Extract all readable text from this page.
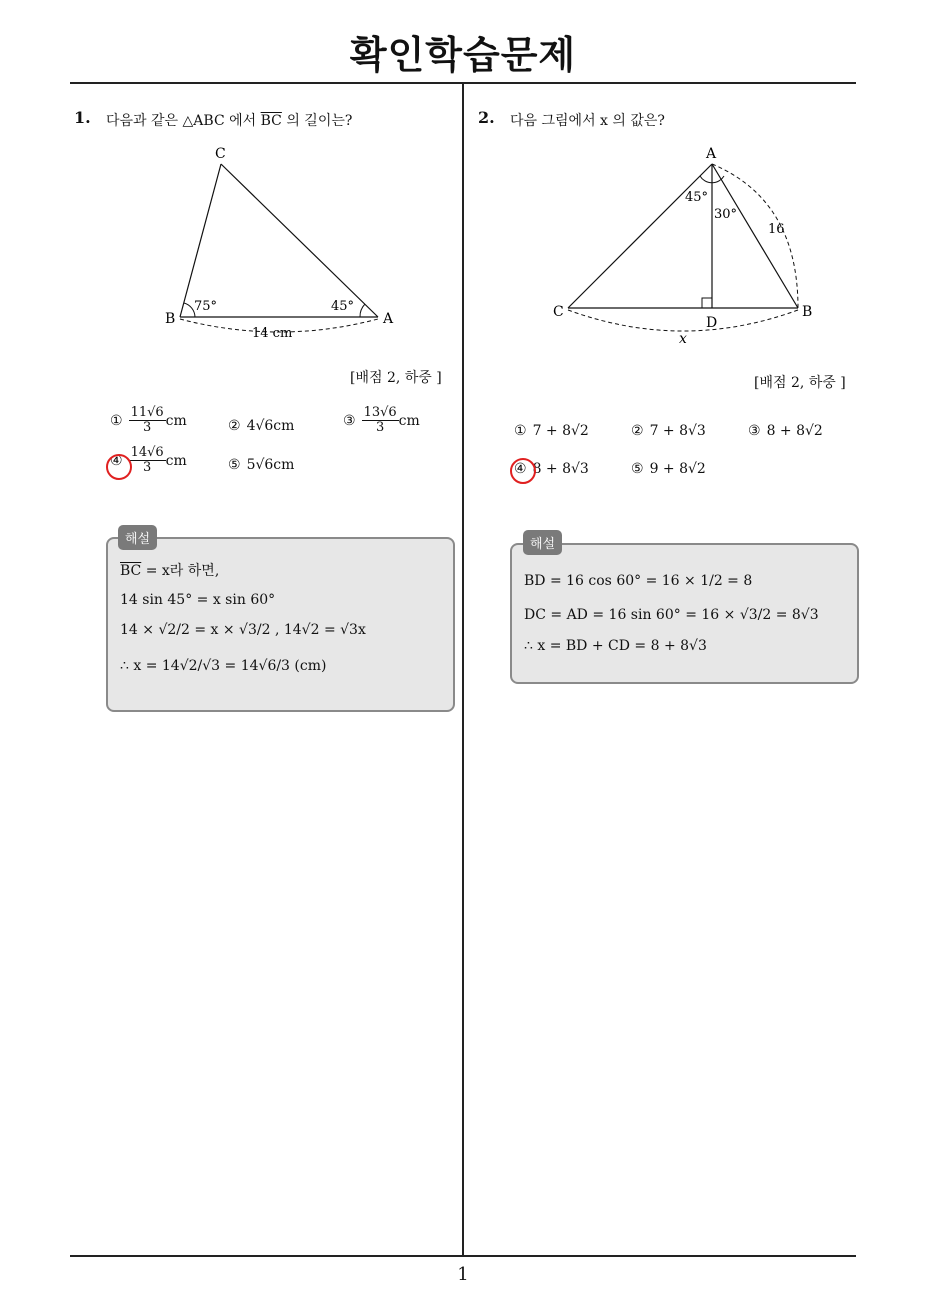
확인학습문제
1
1. 다음과 같은 △ABC 에서 $\overline{BC}$ 의 길이는?
C
B	A
75°	45°
14 cm
[배점 2, 하중 ]
① $\frac{11√6}{3}$ cm	② 4√6cm	③ $\frac{13√6}{3}$ cm
④ $\frac{14√6}{3}$ cm	⑤ 5√6cm
해설
$\overline{BC} = x$라 하면,
14 sin 45° = x sin 60°
14 × √2/2 = x × √3/2 , 14√2 = √3x
∴ x = 14√2/√3 = 14√6/3 (cm)
2. 다음 그림에서 x 의 값은?
A
B
C
D
45°
30°
16
x
[배점 2, 하중 ]
① 7 + 8√2	② 7 + 8√3	③ 8 + 8√2
④ 8 + 8√3	⑤ 9 + 8√2
해설
BD = 16 cos 60° = 16 × 1/2 = 8
DC = AD = 16 sin 60° = 16 × √3/2 = 8√3
∴ x = BD + CD = 8 + 8√3
